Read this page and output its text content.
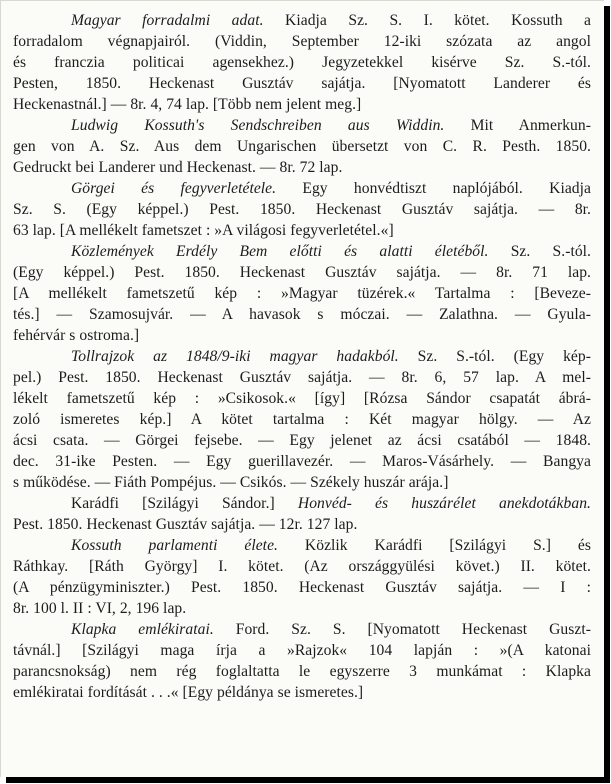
Magyar forradalmi adat. Kiadja Sz. S. I. kötet. Kossuth a
forradalom végnapjairól. (Viddin, September 12-iki szózata az angol
és franczia politicai agensekhez.) Jegyzetekkel kisérve Sz. S.-tól.
Pesten, 1850. Heckenast Gusztáv sajátja. [Nyomatott Landerer és
Heckenastnál.] — 8r. 4, 74 lap. [Több nem jelent meg.]
Ludwig Kossuth's Sendschreiben aus Widdin. Mit Anmerkun-
gen von A. Sz. Aus dem Ungarischen übersetzt von C. R. Pesth. 1850.
Gedruckt bei Landerer und Heckenast. — 8r. 72 lap.
Görgei és fegyverletétele. Egy honvédtiszt naplójából. Kiadja
Sz. S. (Egy képpel.) Pest. 1850. Heckenast Gusztáv sajátja. — 8r.
63 lap. [A mellékelt fametszet : »A világosi fegyverletétel.«]
Közlemények Erdély Bem előtti és alatti életéből. Sz. S.-tól.
(Egy képpel.) Pest. 1850. Heckenast Gusztáv sajátja. — 8r. 71 lap.
[A mellékelt fametszetű kép : »Magyar tüzérek.« Tartalma : [Beveze-
tés.] — Szamosujvár. — A havasok s móczai. — Zalathna. — Gyula-
fehérvár s ostroma.]
Tollrajzok az 1848/9-iki magyar hadakból. Sz. S.-tól. (Egy kép-
pel.) Pest. 1850. Heckenast Gusztáv sajátja. — 8r. 6, 57 lap. A mel-
lékelt fametszetű kép : »Csikosok.« [így] [Rózsa Sándor csapatát ábrá-
zoló ismeretes kép.] A kötet tartalma : Két magyar hölgy. — Az
ácsi csata. — Görgei fejsebe. — Egy jelenet az ácsi csatából — 1848.
dec. 31-ike Pesten. — Egy guerillavezér. — Maros-Vásárhely. — Bangya
s működése. — Fiáth Pompéjus. — Csikós. — Székely huszár arája.]
Karádfi [Szilágyi Sándor.] Honvéd- és huszárélet anekdotákban.
Pest. 1850. Heckenast Gusztáv sajátja. — 12r. 127 lap.
Kossuth parlamenti élete. Közlik Karádfi [Szilágyi S.] és
Ráthkay. [Ráth György] I. kötet. (Az országgyülési követ.) II. kötet.
(A pénzügyminiszter.) Pest. 1850. Heckenast Gusztáv sajátja. — I :
8r. 100 l. II : VI, 2, 196 lap.
Klapka emlékiratai. Ford. Sz. S. [Nyomatott Heckenast Guszt-
távnál.] [Szilágyi maga írja a »Rajzok« 104 lapján : »(A katonai
parancsnokság) nem rég foglaltatta le egyszerre 3 munkámat : Klapka
emlékiratai fordítását . . .« [Egy példánya se ismeretes.]
